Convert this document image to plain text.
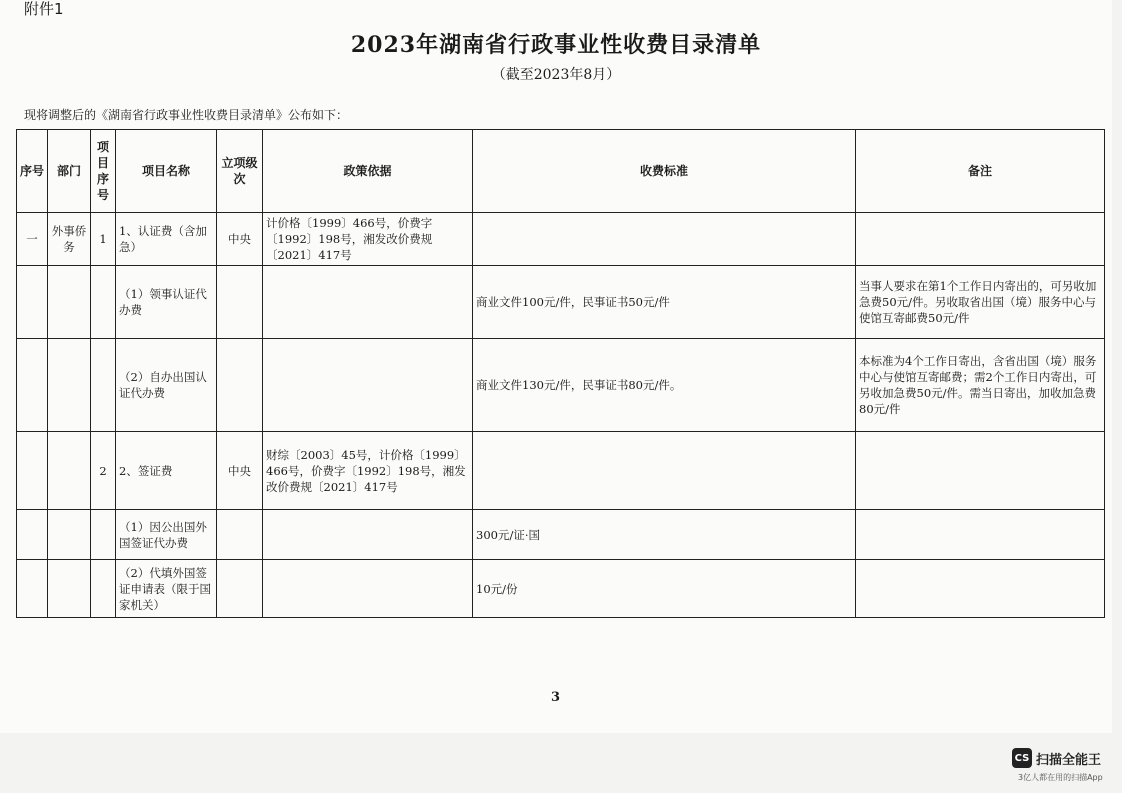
附件1
2023年湖南省行政事业性收费目录清单
（截至2023年8月）
现将调整后的《湖南省行政事业性收费目录清单》公布如下：
序号	部门	项目序号	项目名称	立项级次	政策依据	收费标准	备注
一	外事侨务	1	1、认证费（含加急）	中央	计价格〔1999〕466号，价费字〔1992〕198号，湘发改价费规〔2021〕417号		
			（1）领事认证代办费			商业文件100元/件，民事证书50元/件	当事人要求在第1个工作日内寄出的，可另收加急费50元/件。另收取省出国（境）服务中心与使馆互寄邮费50元/件
			（2）自办出国认证代办费			商业文件130元/件，民事证书80元/件。	本标准为4个工作日寄出，含省出国（境）服务中心与使馆互寄邮费；需2个工作日内寄出，可另收加急费50元/件。需当日寄出，加收加急费80元/件
		2	2、签证费	中央	财综〔2003〕45号，计价格〔1999〕466号，价费字〔1992〕198号，湘发改价费规〔2021〕417号		
			（1）因公出国外国签证代办费			300元/证·国	
			（2）代填外国签证申请表（限于国家机关）			10元/份	
3
CS 扫描全能王
3亿人都在用的扫描App
